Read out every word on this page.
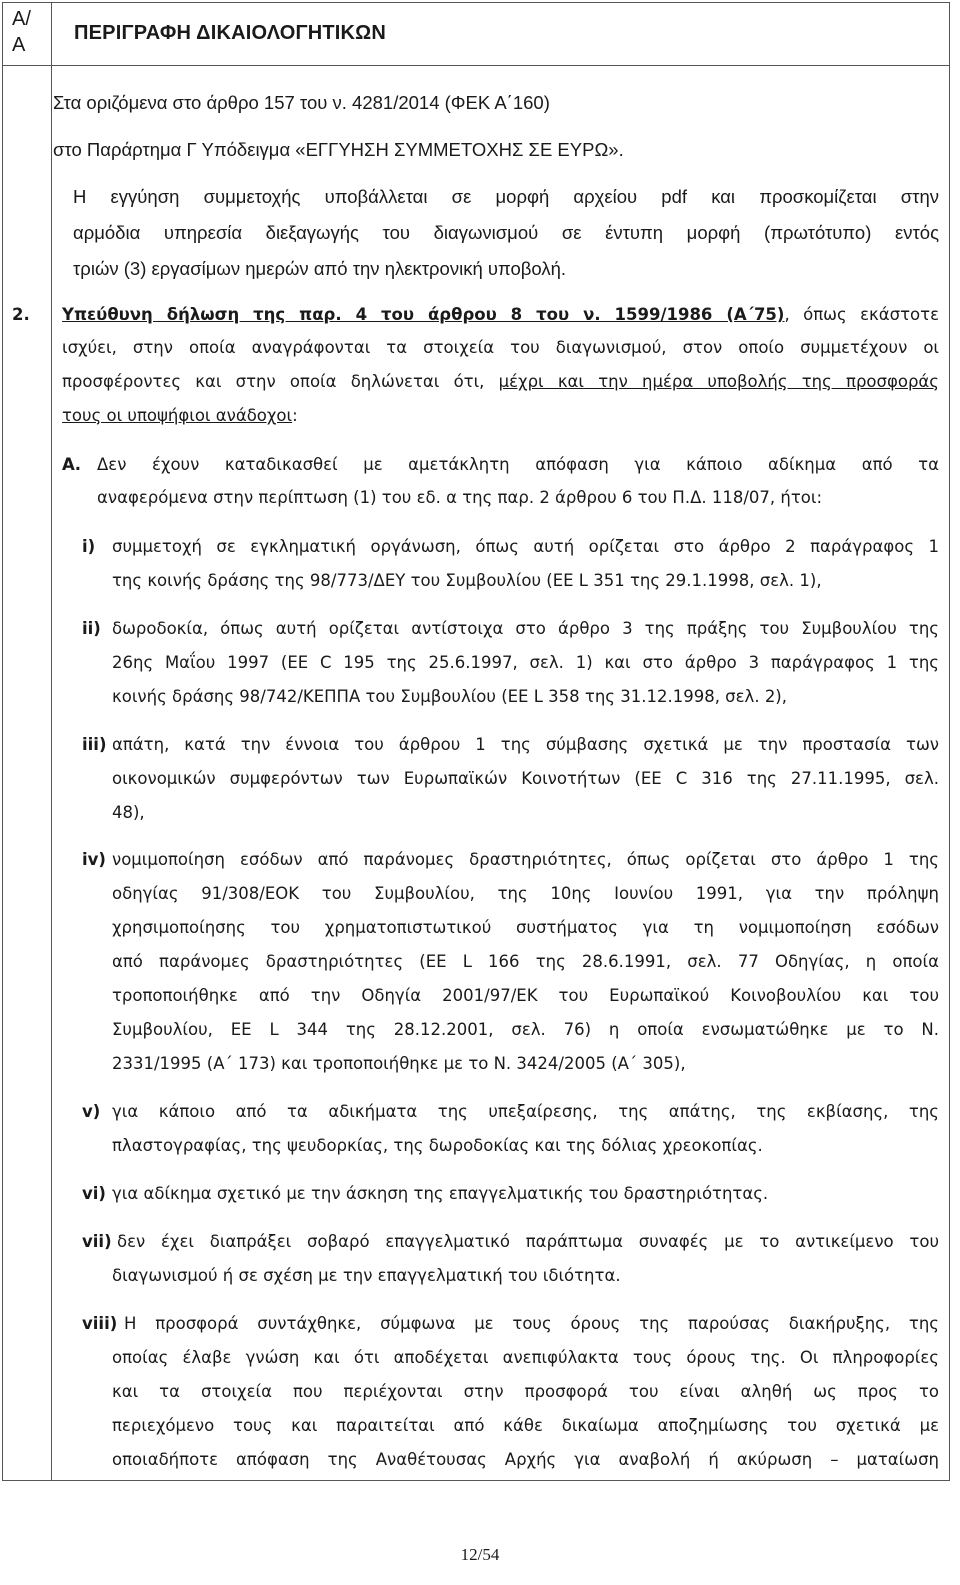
Α/
Α
ΠΕΡΙΓΡΑΦΗ ΔΙΚΑΙΟΛΟΓΗΤΙΚΩΝ
Στα οριζόμενα στο άρθρο 157 του ν. 4281/2014 (ΦΕΚ Α΄160)
στο Παράρτημα Γ Υπόδειγμα «ΕΓΓΥΗΣΗ ΣΥΜΜΕΤΟΧΗΣ ΣΕ ΕΥΡΩ».
Η εγγύηση συμμετοχής υποβάλλεται σε μορφή αρχείου pdf και προσκομίζεται στην
αρμόδια υπηρεσία διεξαγωγής του διαγωνισμού σε έντυπη μορφή (πρωτότυπο) εντός
τριών (3) εργασίμων ημερών από την ηλεκτρονική υποβολή.
2. Υπεύθυνη δήλωση της παρ. 4 του άρθρου 8 του ν. 1599/1986 (Α΄75), όπως εκάστοτε
ισχύει, στην οποία αναγράφονται τα στοιχεία του διαγωνισμού, στον οποίο συμμετέχουν οι
προσφέροντες και στην οποία δηλώνεται ότι, μέχρι και την ημέρα υποβολής της προσφοράς
τους οι υποψήφιοι ανάδοχοι:
Α. Δεν έχουν καταδικασθεί με αμετάκλητη απόφαση για κάποιο αδίκημα από τα
αναφερόμενα στην περίπτωση (1) του εδ. α της παρ. 2 άρθρου 6 του Π.Δ. 118/07, ήτοι:
i) συμμετοχή σε εγκληματική οργάνωση, όπως αυτή ορίζεται στο άρθρο 2 παράγραφος 1
της κοινής δράσης της 98/773/ΔΕΥ του Συμβουλίου (ΕΕ L 351 της 29.1.1998, σελ. 1),
ii) δωροδοκία, όπως αυτή ορίζεται αντίστοιχα στο άρθρο 3 της πράξης του Συμβουλίου της
26ης Μαΐου 1997 (ΕΕ C 195 της 25.6.1997, σελ. 1) και στο άρθρο 3 παράγραφος 1 της
κοινής δράσης 98/742/ΚΕΠΠΑ του Συμβουλίου (ΕΕ L 358 της 31.12.1998, σελ. 2),
iii) απάτη, κατά την έννοια του άρθρου 1 της σύμβασης σχετικά με την προστασία των
οικονομικών συμφερόντων των Ευρωπαϊκών Κοινοτήτων (ΕΕ C 316 της 27.11.1995, σελ.
48),
iv) νομιμοποίηση εσόδων από παράνομες δραστηριότητες, όπως ορίζεται στο άρθρο 1 της
οδηγίας 91/308/ΕΟΚ του Συμβουλίου, της 10ης Ιουνίου 1991, για την πρόληψη
χρησιμοποίησης του χρηματοπιστωτικού συστήματος για τη νομιμοποίηση εσόδων
από παράνομες δραστηριότητες (ΕΕ L 166 της 28.6.1991, σελ. 77 Οδηγίας, η οποία
τροποποιήθηκε από την Οδηγία 2001/97/ΕΚ του Ευρωπαϊκού Κοινοβουλίου και του
Συμβουλίου, ΕΕ L 344 της 28.12.2001, σελ. 76) η οποία ενσωματώθηκε με το Ν.
2331/1995 (Α΄ 173) και τροποποιήθηκε με το Ν. 3424/2005 (Α΄ 305),
v) για κάποιο από τα αδικήματα της υπεξαίρεσης, της απάτης, της εκβίασης, της
πλαστογραφίας, της ψευδορκίας, της δωροδοκίας και της δόλιας χρεοκοπίας.
vi) για αδίκημα σχετικό με την άσκηση της επαγγελματικής του δραστηριότητας.
vii) δεν έχει διαπράξει σοβαρό επαγγελματικό παράπτωμα συναφές με το αντικείμενο του
διαγωνισμού ή σε σχέση με την επαγγελματική του ιδιότητα.
viii) Η προσφορά συντάχθηκε, σύμφωνα με τους όρους της παρούσας διακήρυξης, της
οποίας έλαβε γνώση και ότι αποδέχεται ανεπιφύλακτα τους όρους της. Οι πληροφορίες
και τα στοιχεία που περιέχονται στην προσφορά του είναι αληθή ως προς το
περιεχόμενο τους και παραιτείται από κάθε δικαίωμα αποζημίωσης του σχετικά με
οποιαδήποτε απόφαση της Αναθέτουσας Αρχής για αναβολή ή ακύρωση – ματαίωση
12/54
